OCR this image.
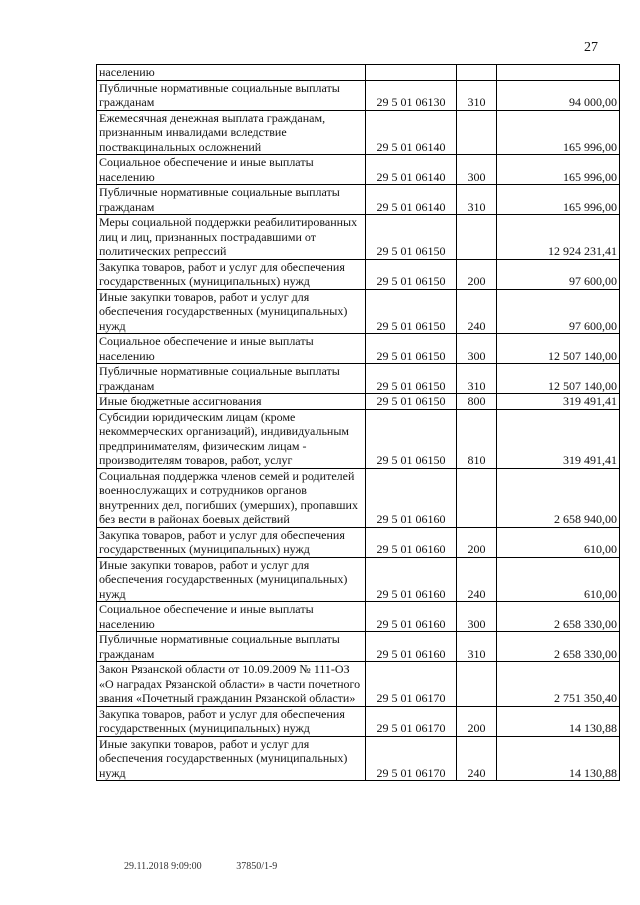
27
населению			
Публичные нормативные социальные выплаты гражданам	29 5 01 06130	310	94 000,00
Ежемесячная денежная выплата гражданам, признанным инвалидами вследствие поствакцинальных осложнений	29 5 01 06140		165 996,00
Социальное обеспечение и иные выплаты населению	29 5 01 06140	300	165 996,00
Публичные нормативные социальные выплаты гражданам	29 5 01 06140	310	165 996,00
Меры социальной поддержки реабилитированных лиц и лиц, признанных пострадавшими от политических репрессий	29 5 01 06150		12 924 231,41
Закупка товаров, работ и услуг для обеспечения государственных (муниципальных) нужд	29 5 01 06150	200	97 600,00
Иные закупки товаров, работ и услуг для обеспечения государственных (муниципальных) нужд	29 5 01 06150	240	97 600,00
Социальное обеспечение и иные выплаты населению	29 5 01 06150	300	12 507 140,00
Публичные нормативные социальные выплаты гражданам	29 5 01 06150	310	12 507 140,00
Иные бюджетные ассигнования	29 5 01 06150	800	319 491,41
Субсидии юридическим лицам (кроме некоммерческих организаций), индивидуальным предпринимателям, физическим лицам - производителям товаров, работ, услуг	29 5 01 06150	810	319 491,41
Социальная поддержка членов семей и родителей военнослужащих и сотрудников органов внутренних дел, погибших (умерших), пропавших без вести в районах боевых действий	29 5 01 06160		2 658 940,00
Закупка товаров, работ и услуг для обеспечения государственных (муниципальных) нужд	29 5 01 06160	200	610,00
Иные закупки товаров, работ и услуг для обеспечения государственных (муниципальных) нужд	29 5 01 06160	240	610,00
Социальное обеспечение и иные выплаты населению	29 5 01 06160	300	2 658 330,00
Публичные нормативные социальные выплаты гражданам	29 5 01 06160	310	2 658 330,00
Закон Рязанской области от 10.09.2009 № 111-ОЗ «О наградах Рязанской области» в части почетного звания «Почетный гражданин Рязанской области»	29 5 01 06170		2 751 350,40
Закупка товаров, работ и услуг для обеспечения государственных (муниципальных) нужд	29 5 01 06170	200	14 130,88
Иные закупки товаров, работ и услуг для обеспечения государственных (муниципальных) нужд	29 5 01 06170	240	14 130,88
29.11.2018 9:09:00	37850/1-9
